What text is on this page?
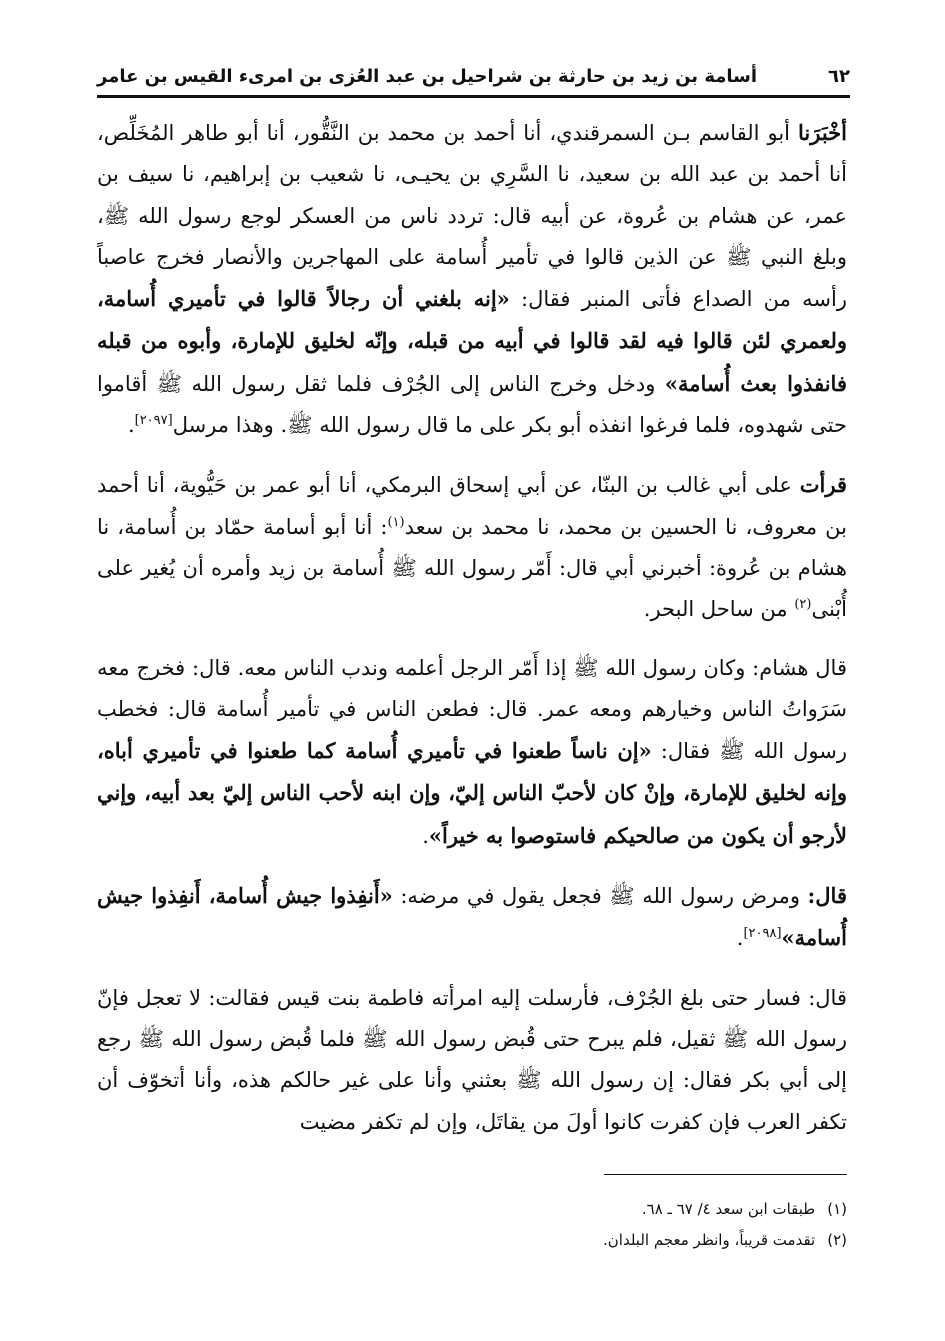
٦٢
أسامة بن زيد بن حارثة بن شراحيل بن عبد العُزى بن امرىء القيس بن عامر

أخْبَرَنا أبو القاسم بـن السمرقندي، أنا أحمد بن محمد بن النَّقُّور، أنا أبو طاهر المُخَلِّص، أنا أحمد بن عبد الله بن سعيد، نا السَّرِي بن يحيـى، نا شعيب بن إبراهيم، نا سيف بن عمر، عن هشام بن عُروة، عن أبيه قال: تردد ناس من العسكر لوجع رسول الله ﷺ، وبلغ النبي ﷺ عن الذين قالوا في تأمير أُسامة على المهاجرين والأنصار فخرج عاصباً رأسه من الصداع فأتى المنبر فقال: «إنه بلغني أن رجالاً قالوا في تأميري أُسامة، ولعمري لئن قالوا فيه لقد قالوا في أبيه من قبله، وإنّه لخليق للإمارة، وأبوه من قبله فانفذوا بعث أُسامة» ودخل وخرج الناس إلى الجُرْف فلما ثقل رسول الله ﷺ أقاموا حتى شهدوه، فلما فرغوا انفذه أبو بكر على ما قال رسول الله ﷺ. وهذا مرسل[٢٠٩٧].

قرأت على أبي غالب بن البنّا، عن أبي إسحاق البرمكي، أنا أبو عمر بن حَيُّوية، أنا أحمد بن معروف، نا الحسين بن محمد، نا محمد بن سعد$^{(١)}$: أنا أبو أسامة حمّاد بن أُسامة، نا هشام بن عُروة: أخبرني أبي قال: أَمّر رسول الله ﷺ أُسامة بن زيد وأمره أن يُغير على أُبْنى$^{(٢)}$ من ساحل البحر.

قال هشام: وكان رسول الله ﷺ إذا أَمّر الرجل أعلمه وندب الناس معه. قال: فخرج معه سَرَواتُ الناس وخيارهم ومعه عمر. قال: فطعن الناس في تأمير أُسامة قال: فخطب رسول الله ﷺ فقال: «إن ناساً طعنوا في تأميري أُسامة كما طعنوا في تأميري أباه، وإنه لخليق للإمارة، وإنْ كان لأحبّ الناس إليّ، وإن ابنه لأحب الناس إليّ بعد أبيه، وإني لأرجو أن يكون من صالحيكم فاستوصوا به خيراً».

قال: ومرض رسول الله ﷺ فجعل يقول في مرضه: «أَنفِذوا جيش أُسامة، أَنفِذوا جيش أُسامة»[٢٠٩٨].

قال: فسار حتى بلغ الجُرْف، فأرسلت إليه امرأته فاطمة بنت قيس فقالت: لا تعجل فإنّ رسول الله ﷺ ثقيل، فلم يبرح حتى قُبض رسول الله ﷺ فلما قُبض رسول الله ﷺ رجع إلى أبي بكر فقال: إن رسول الله ﷺ بعثني وأنا على غير حالكم هذه، وأنا أتخوّف أن تكفر العرب فإن كفرت كانوا أولَ من يقاتَل، وإن لم تكفر مضيت

(١)
طبقات ابن سعد ٤/ ٦٧ ـ ٦٨.
(٢)
تقدمت قريباً، وانظر معجم البلدان.
